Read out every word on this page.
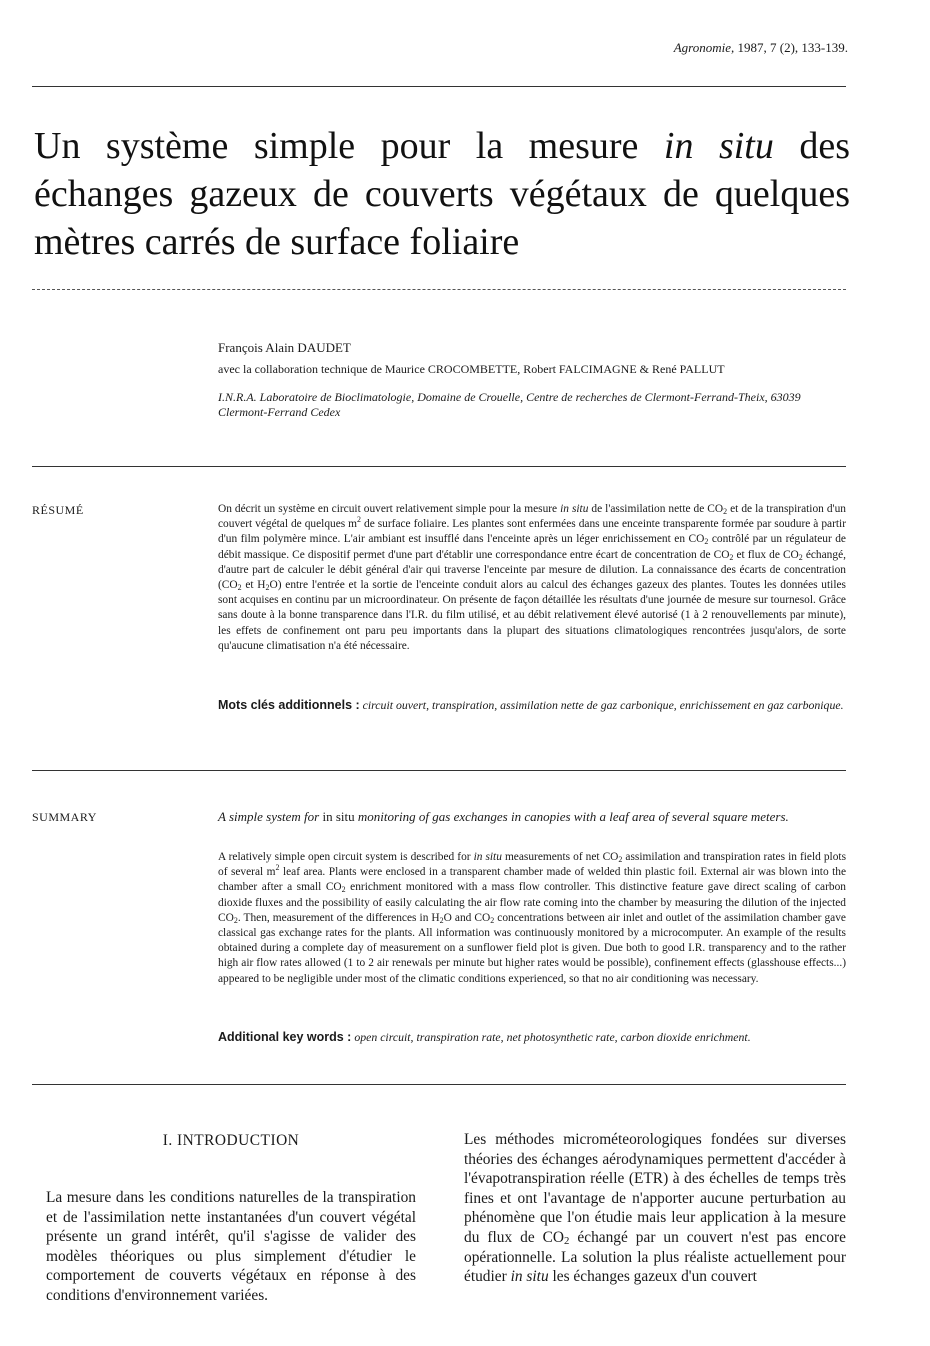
Agronomie, 1987, 7 (2), 133-139.
Un système simple pour la mesure in situ des échanges gazeux de couverts végétaux de quelques mètres carrés de surface foliaire
François Alain DAUDET
avec la collaboration technique de Maurice CROCOMBETTE, Robert FALCIMAGNE & René PALLUT
I.N.R.A. Laboratoire de Bioclimatologie, Domaine de Crouelle, Centre de recherches de Clermont-Ferrand-Theix, 63039 Clermont-Ferrand Cedex
RÉSUMÉ	On décrit un système en circuit ouvert relativement simple pour la mesure in situ de l'assimilation nette de $CO_2$ et de la transpiration d'un couvert végétal de quelques $m^2$ de surface foliaire. Les plantes sont enfermées dans une enceinte transparente formée par soudure à partir d'un film polymère mince. L'air ambiant est insufflé dans l'enceinte après un léger enrichissement en $CO_2$ contrôlé par un régulateur de débit massique. Ce dispositif permet d'une part d'établir une correspondance entre écart de concentration de $CO_2$ et flux de $CO_2$ échangé, d'autre part de calculer le débit général d'air qui traverse l'enceinte par mesure de dilution. La connaissance des écarts de concentration ($CO_2$ et $H_2O$) entre l'entrée et la sortie de l'enceinte conduit alors au calcul des échanges gazeux des plantes. Toutes les données utiles sont acquises en continu par un microordinateur. On présente de façon détaillée les résultats d'une journée de mesure sur tournesol. Grâce sans doute à la bonne transparence dans l'I.R. du film utilisé, et au débit relativement élevé autorisé (1 à 2 renouvellements par minute), les effets de confinement ont paru peu importants dans la plupart des situations climatologiques rencontrées jusqu'alors, de sorte qu'aucune climatisation n'a été nécessaire.
Mots clés additionnels : circuit ouvert, transpiration, assimilation nette de gaz carbonique, enrichissement en gaz carbonique.
SUMMARY	A simple system for in situ monitoring of gas exchanges in canopies with a leaf area of several square meters.
A relatively simple open circuit system is described for in situ measurements of net $CO_2$ assimilation and transpiration rates in field plots of several $m^2$ leaf area. Plants were enclosed in a transparent chamber made of welded thin plastic foil. External air was blown into the chamber after a small $CO_2$ enrichment monitored with a mass flow controller. This distinctive feature gave direct scaling of carbon dioxide fluxes and the possibility of easily calculating the air flow rate coming into the chamber by measuring the dilution of the injected $CO_2$. Then, measurement of the differences in $H_2O$ and $CO_2$ concentrations between air inlet and outlet of the assimilation chamber gave classical gas exchange rates for the plants. All information was continuously monitored by a microcomputer. An example of the results obtained during a complete day of measurement on a sunflower field plot is given. Due both to good I.R. transparency and to the rather high air flow rates allowed (1 to 2 air renewals per minute but higher rates would be possible), confinement effects (glasshouse effects...) appeared to be negligible under most of the climatic conditions experienced, so that no air conditioning was necessary.
Additional key words : open circuit, transpiration rate, net photosynthetic rate, carbon dioxide enrichment.
I. INTRODUCTION
La mesure dans les conditions naturelles de la transpiration et de l'assimilation nette instantanées d'un couvert végétal présente un grand intérêt, qu'il s'agisse de valider des modèles théoriques ou plus simplement d'étudier le comportement de couverts végétaux en réponse à des conditions d'environnement variées.
Les méthodes microméteorologiques fondées sur diverses théories des échanges aérodynamiques permettent d'accéder à l'évapotranspiration réelle (ETR) à des échelles de temps très fines et ont l'avantage de n'apporter aucune perturbation au phénomène que l'on étudie mais leur application à la mesure du flux de $CO_2$ échangé par un couvert n'est pas encore opérationnelle. La solution la plus réaliste actuellement pour étudier in situ les échanges gazeux d'un couvert
